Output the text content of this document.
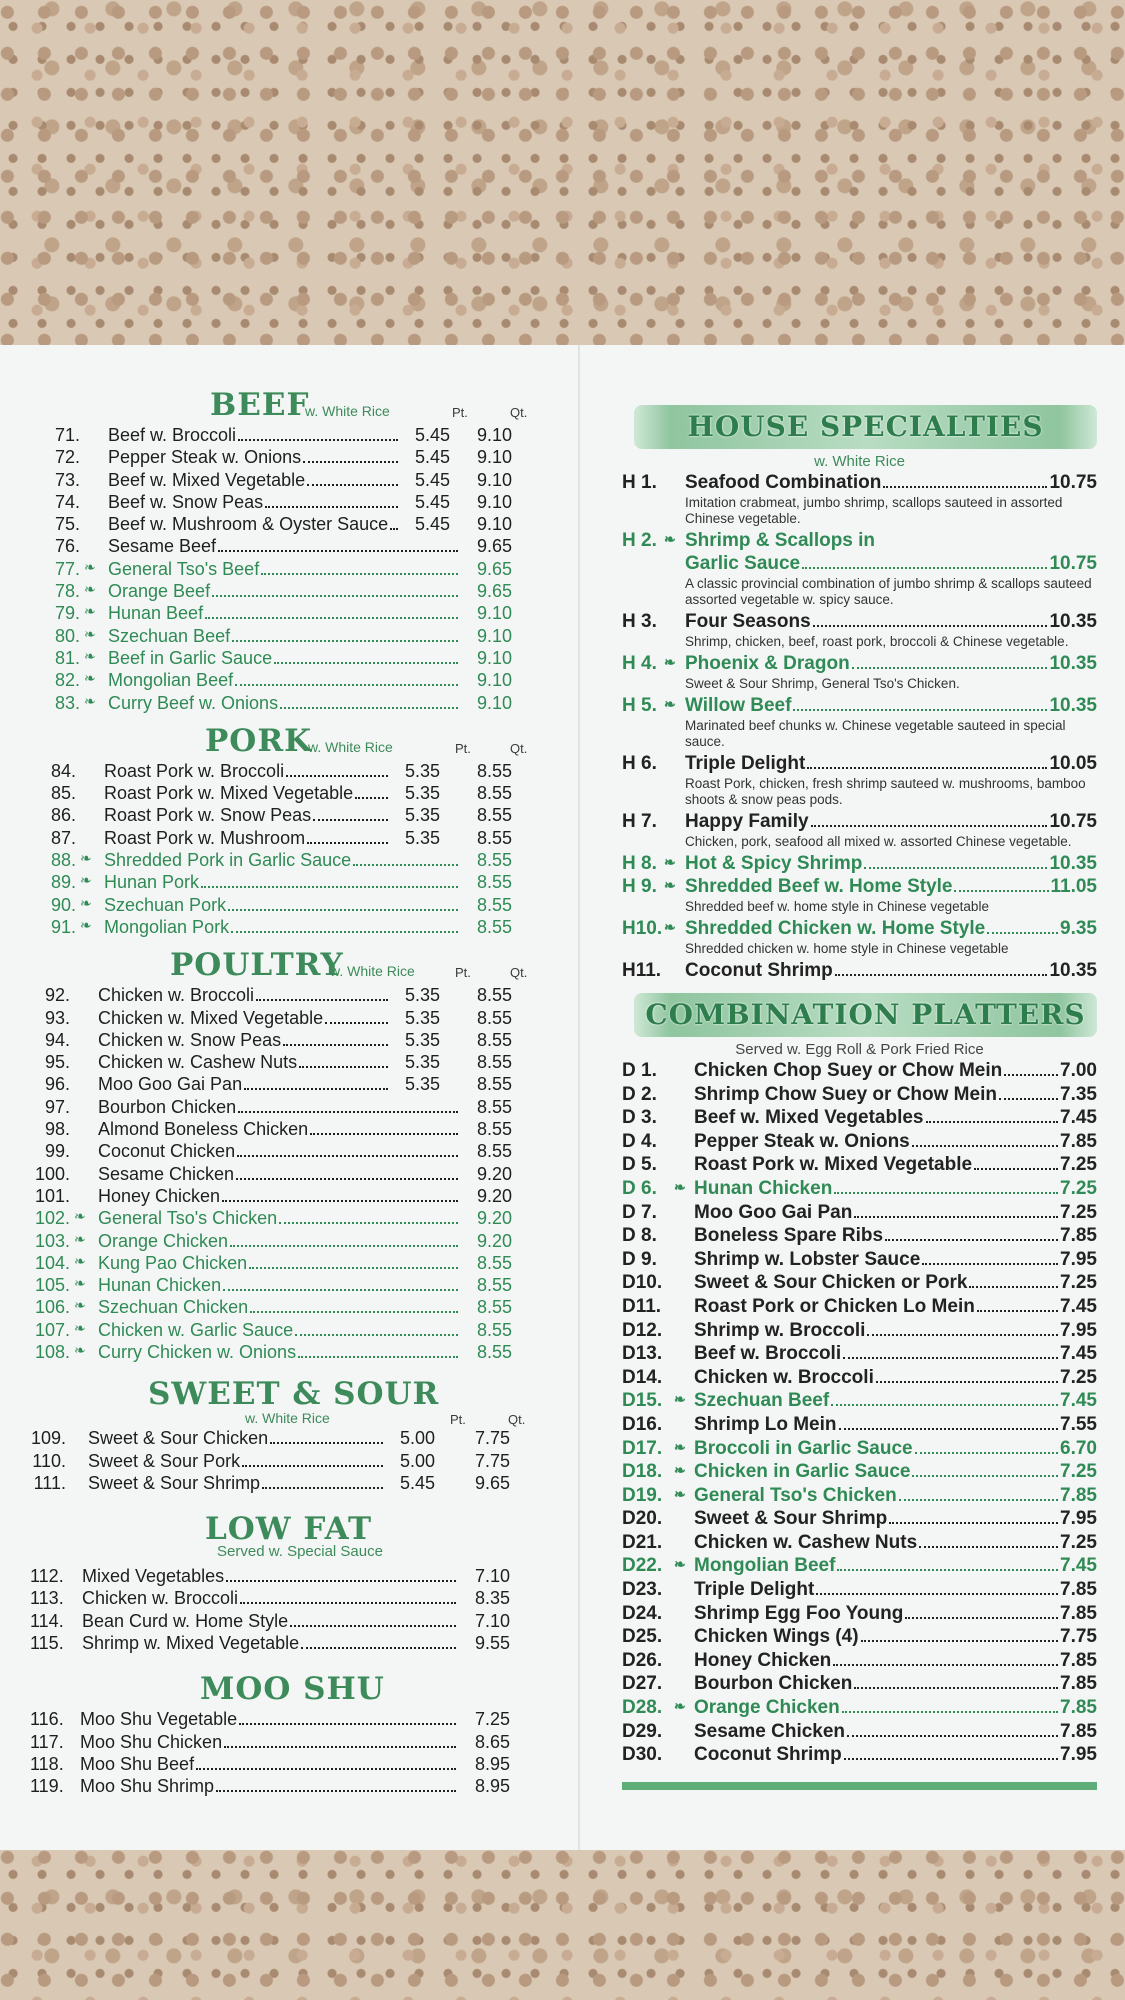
BEEF
w. White Rice	Pt.	Qt.
71. Beef w. Broccoli	5.45	9.10
72. Pepper Steak w. Onions	5.45	9.10
73. Beef w. Mixed Vegetable	5.45	9.10
74. Beef w. Snow Peas	5.45	9.10
75. Beef w. Mushroom & Oyster Sauce	5.45	9.10
76. Sesame Beef	9.65
77. ❧ General Tso's Beef	9.65
78. ❧ Orange Beef	9.65
79. ❧ Hunan Beef	9.10
80. ❧ Szechuan Beef	9.10
81. ❧ Beef in Garlic Sauce	9.10
82. ❧ Mongolian Beef	9.10
83. ❧ Curry Beef w. Onions	9.10
PORK
w. White Rice	Pt.	Qt.
84. Roast Pork w. Broccoli	5.35	8.55
85. Roast Pork w. Mixed Vegetable	5.35	8.55
86. Roast Pork w. Snow Peas	5.35	8.55
87. Roast Pork w. Mushroom	5.35	8.55
88. ❧ Shredded Pork in Garlic Sauce	8.55
89. ❧ Hunan Pork	8.55
90. ❧ Szechuan Pork	8.55
91. ❧ Mongolian Pork	8.55
POULTRY
w. White Rice	Pt.	Qt.
92. Chicken w. Broccoli	5.35	8.55
93. Chicken w. Mixed Vegetable	5.35	8.55
94. Chicken w. Snow Peas	5.35	8.55
95. Chicken w. Cashew Nuts	5.35	8.55
96. Moo Goo Gai Pan	5.35	8.55
97. Bourbon Chicken	8.55
98. Almond Boneless Chicken	8.55
99. Coconut Chicken	8.55
100. Sesame Chicken	9.20
101. Honey Chicken	9.20
102. ❧ General Tso's Chicken	9.20
103. ❧ Orange Chicken	9.20
104. ❧ Kung Pao Chicken	8.55
105. ❧ Hunan Chicken	8.55
106. ❧ Szechuan Chicken	8.55
107. ❧ Chicken w. Garlic Sauce	8.55
108. ❧ Curry Chicken w. Onions	8.55
SWEET & SOUR
w. White Rice	Pt.	Qt.
109. Sweet & Sour Chicken	5.00	7.75
110. Sweet & Sour Pork	5.00	7.75
111. Sweet & Sour Shrimp	5.45	9.65
LOW FAT
Served w. Special Sauce
112. Mixed Vegetables	7.10
113. Chicken w. Broccoli	8.35
114. Bean Curd w. Home Style	7.10
115. Shrimp w. Mixed Vegetable	9.55
MOO SHU
116. Moo Shu Vegetable	7.25
117. Moo Shu Chicken	8.65
118. Moo Shu Beef	8.95
119. Moo Shu Shrimp	8.95
HOUSE SPECIALTIES
w. White Rice
H 1.	Seafood Combination	10.75
Imitation crabmeat, jumbo shrimp, scallops sauteed in assorted Chinese vegetable.
H 2. ❧ Shrimp & Scallops in
Garlic Sauce	10.75
A classic provincial combination of jumbo shrimp & scallops sauteed assorted vegetable w. spicy sauce.
H 3.	Four Seasons	10.35
Shrimp, chicken, beef, roast pork, broccoli & Chinese vegetable.
H 4. ❧ Phoenix & Dragon	10.35
Sweet & Sour Shrimp, General Tso's Chicken.
H 5. ❧ Willow Beef	10.35
Marinated beef chunks w. Chinese vegetable sauteed in special sauce.
H 6.	Triple Delight	10.05
Roast Pork, chicken, fresh shrimp sauteed w. mushrooms, bamboo shoots & snow peas pods.
H 7.	Happy Family	10.75
Chicken, pork, seafood all mixed w. assorted Chinese vegetable.
H 8. ❧ Hot & Spicy Shrimp	10.35
H 9. ❧ Shredded Beef w. Home Style	11.05
Shredded beef w. home style in Chinese vegetable
H10. ❧ Shredded Chicken w. Home Style	9.35
Shredded chicken w. home style in Chinese vegetable
H11.	Coconut Shrimp	10.35
COMBINATION PLATTERS
Served w. Egg Roll & Pork Fried Rice
D 1.	Chicken Chop Suey or Chow Mein	7.00
D 2.	Shrimp Chow Suey or Chow Mein	7.35
D 3.	Beef w. Mixed Vegetables	7.45
D 4.	Pepper Steak w. Onions	7.85
D 5.	Roast Pork w. Mixed Vegetable	7.25
D 6.	❧ Hunan Chicken	7.25
D 7.	Moo Goo Gai Pan	7.25
D 8.	Boneless Spare Ribs	7.85
D 9.	Shrimp w. Lobster Sauce	7.95
D10.	Sweet & Sour Chicken or Pork	7.25
D11.	Roast Pork or Chicken Lo Mein	7.45
D12.	Shrimp w. Broccoli	7.95
D13.	Beef w. Broccoli	7.45
D14.	Chicken w. Broccoli	7.25
D15. ❧ Szechuan Beef	7.45
D16.	Shrimp Lo Mein	7.55
D17. ❧ Broccoli in Garlic Sauce	6.70
D18. ❧ Chicken in Garlic Sauce	7.25
D19. ❧ General Tso's Chicken	7.85
D20.	Sweet & Sour Shrimp	7.95
D21.	Chicken w. Cashew Nuts	7.25
D22. ❧ Mongolian Beef	7.45
D23.	Triple Delight	7.85
D24.	Shrimp Egg Foo Young	7.85
D25.	Chicken Wings (4)	7.75
D26.	Honey Chicken	7.85
D27.	Bourbon Chicken	7.85
D28. ❧ Orange Chicken	7.85
D29.	Sesame Chicken	7.85
D30.	Coconut Shrimp	7.95
